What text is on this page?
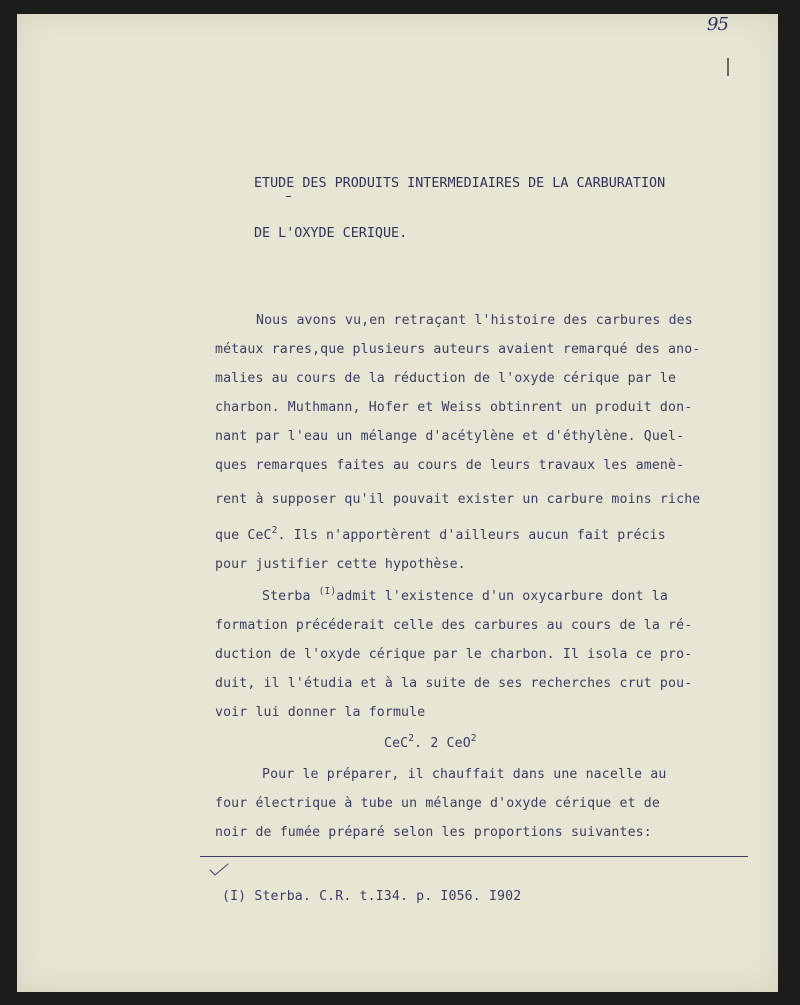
95
ETUDE DES PRODUITS INTERMEDIAIRES DE LA CARBURATION
DE L'OXYDE CERIQUE.
Nous avons vu,en retraçant l'histoire des carbures des
métaux rares,que plusieurs auteurs avaient remarqué des ano-
malies au cours de la réduction de l'oxyde cérique par le
charbon. Muthmann, Hofer et Weiss obtinrent un produit don-
nant par l'eau un mélange d'acétylène et d'éthylène. Quel-
ques remarques faites au cours de leurs travaux les amenè-
rent à supposer qu'il pouvait exister un carbure moins riche
que CeC$^2$. Ils n'apportèrent d'ailleurs aucun fait précis
pour justifier cette hypothèse.
Sterba $^{(I)}$admit l'existence d'un oxycarbure dont la
formation précéderait celle des carbures au cours de la ré-
duction de l'oxyde cérique par le charbon. Il isola ce pro-
duit, il l'étudia et à la suite de ses recherches crut pou-
voir lui donner la formule
CeC$^2$. 2 CeO$^2$
Pour le préparer, il chauffait dans une nacelle au
four électrique à tube un mélange d'oxyde cérique et de
noir de fumée préparé selon les proportions suivantes:
(I) Sterba. C.R. t.I34. p. I056. I902
